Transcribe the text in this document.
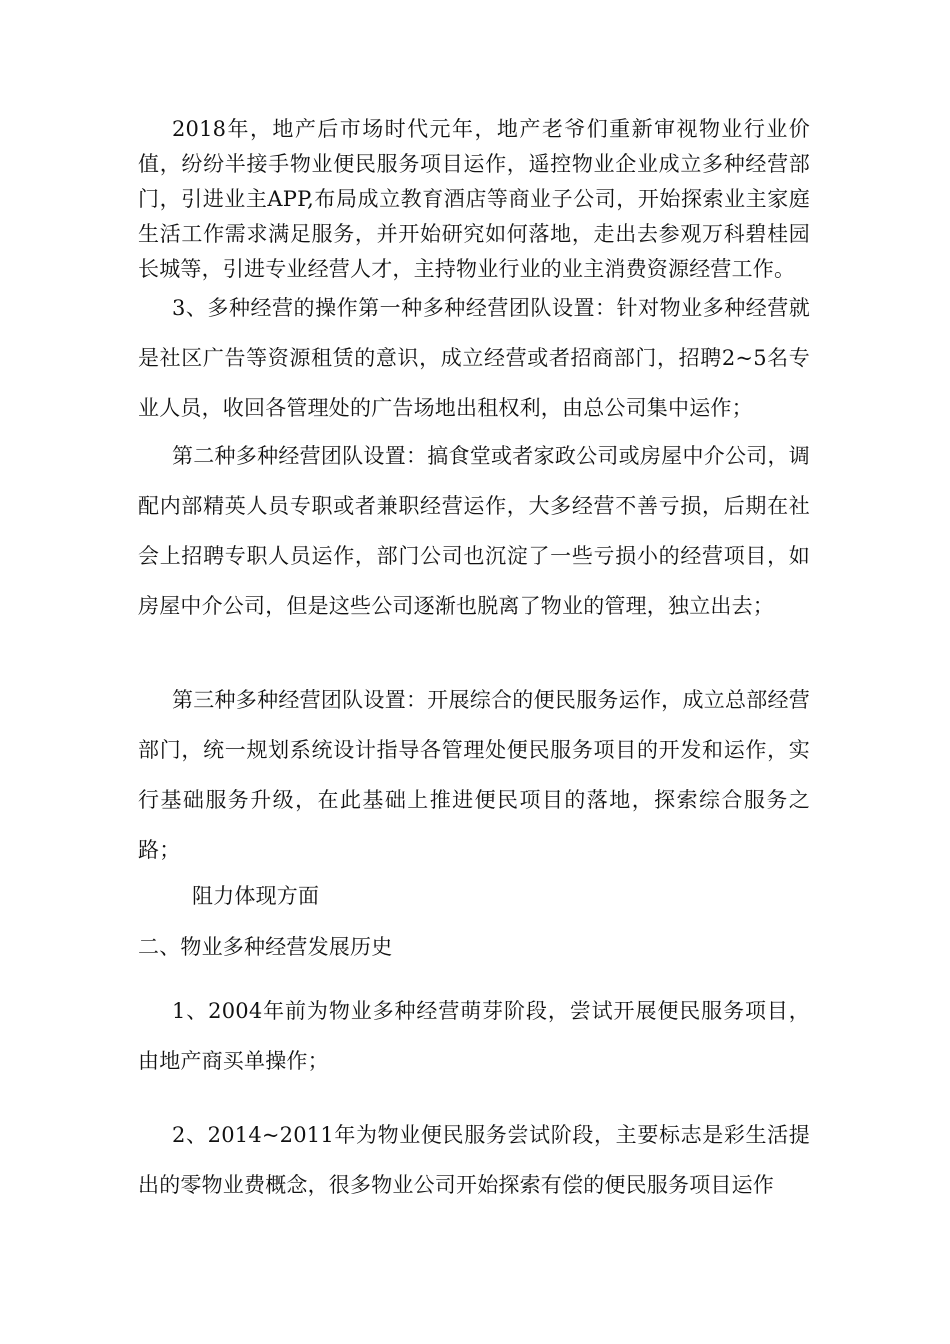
2018年，地产后市场时代元年，地产老爷们重新审视物业行业价值，纷纷半接手物业便民服务项目运作，遥控物业企业成立多种经营部门，引进业主APP,布局成立教育酒店等商业子公司，开始探索业主家庭生活工作需求满足服务，并开始研究如何落地，走出去参观万科碧桂园长城等，引进专业经营人才，主持物业行业的业主消费资源经营工作。

3、多种经营的操作第一种多种经营团队设置：针对物业多种经营就是社区广告等资源租赁的意识，成立经营或者招商部门，招聘2~5名专业人员，收回各管理处的广告场地出租权利，由总公司集中运作；

第二种多种经营团队设置：搞食堂或者家政公司或房屋中介公司，调配内部精英人员专职或者兼职经营运作，大多经营不善亏损，后期在社会上招聘专职人员运作，部门公司也沉淀了一些亏损小的经营项目，如房屋中介公司，但是这些公司逐渐也脱离了物业的管理，独立出去；

第三种多种经营团队设置：开展综合的便民服务运作，成立总部经营部门，统一规划系统设计指导各管理处便民服务项目的开发和运作，实行基础服务升级，在此基础上推进便民项目的落地，探索综合服务之路；

阻力体现方面

二、物业多种经营发展历史

1、2004年前为物业多种经营萌芽阶段，尝试开展便民服务项目，由地产商买单操作；

2、2014~2011年为物业便民服务尝试阶段，主要标志是彩生活提出的零物业费概念，很多物业公司开始探索有偿的便民服务项目运作
